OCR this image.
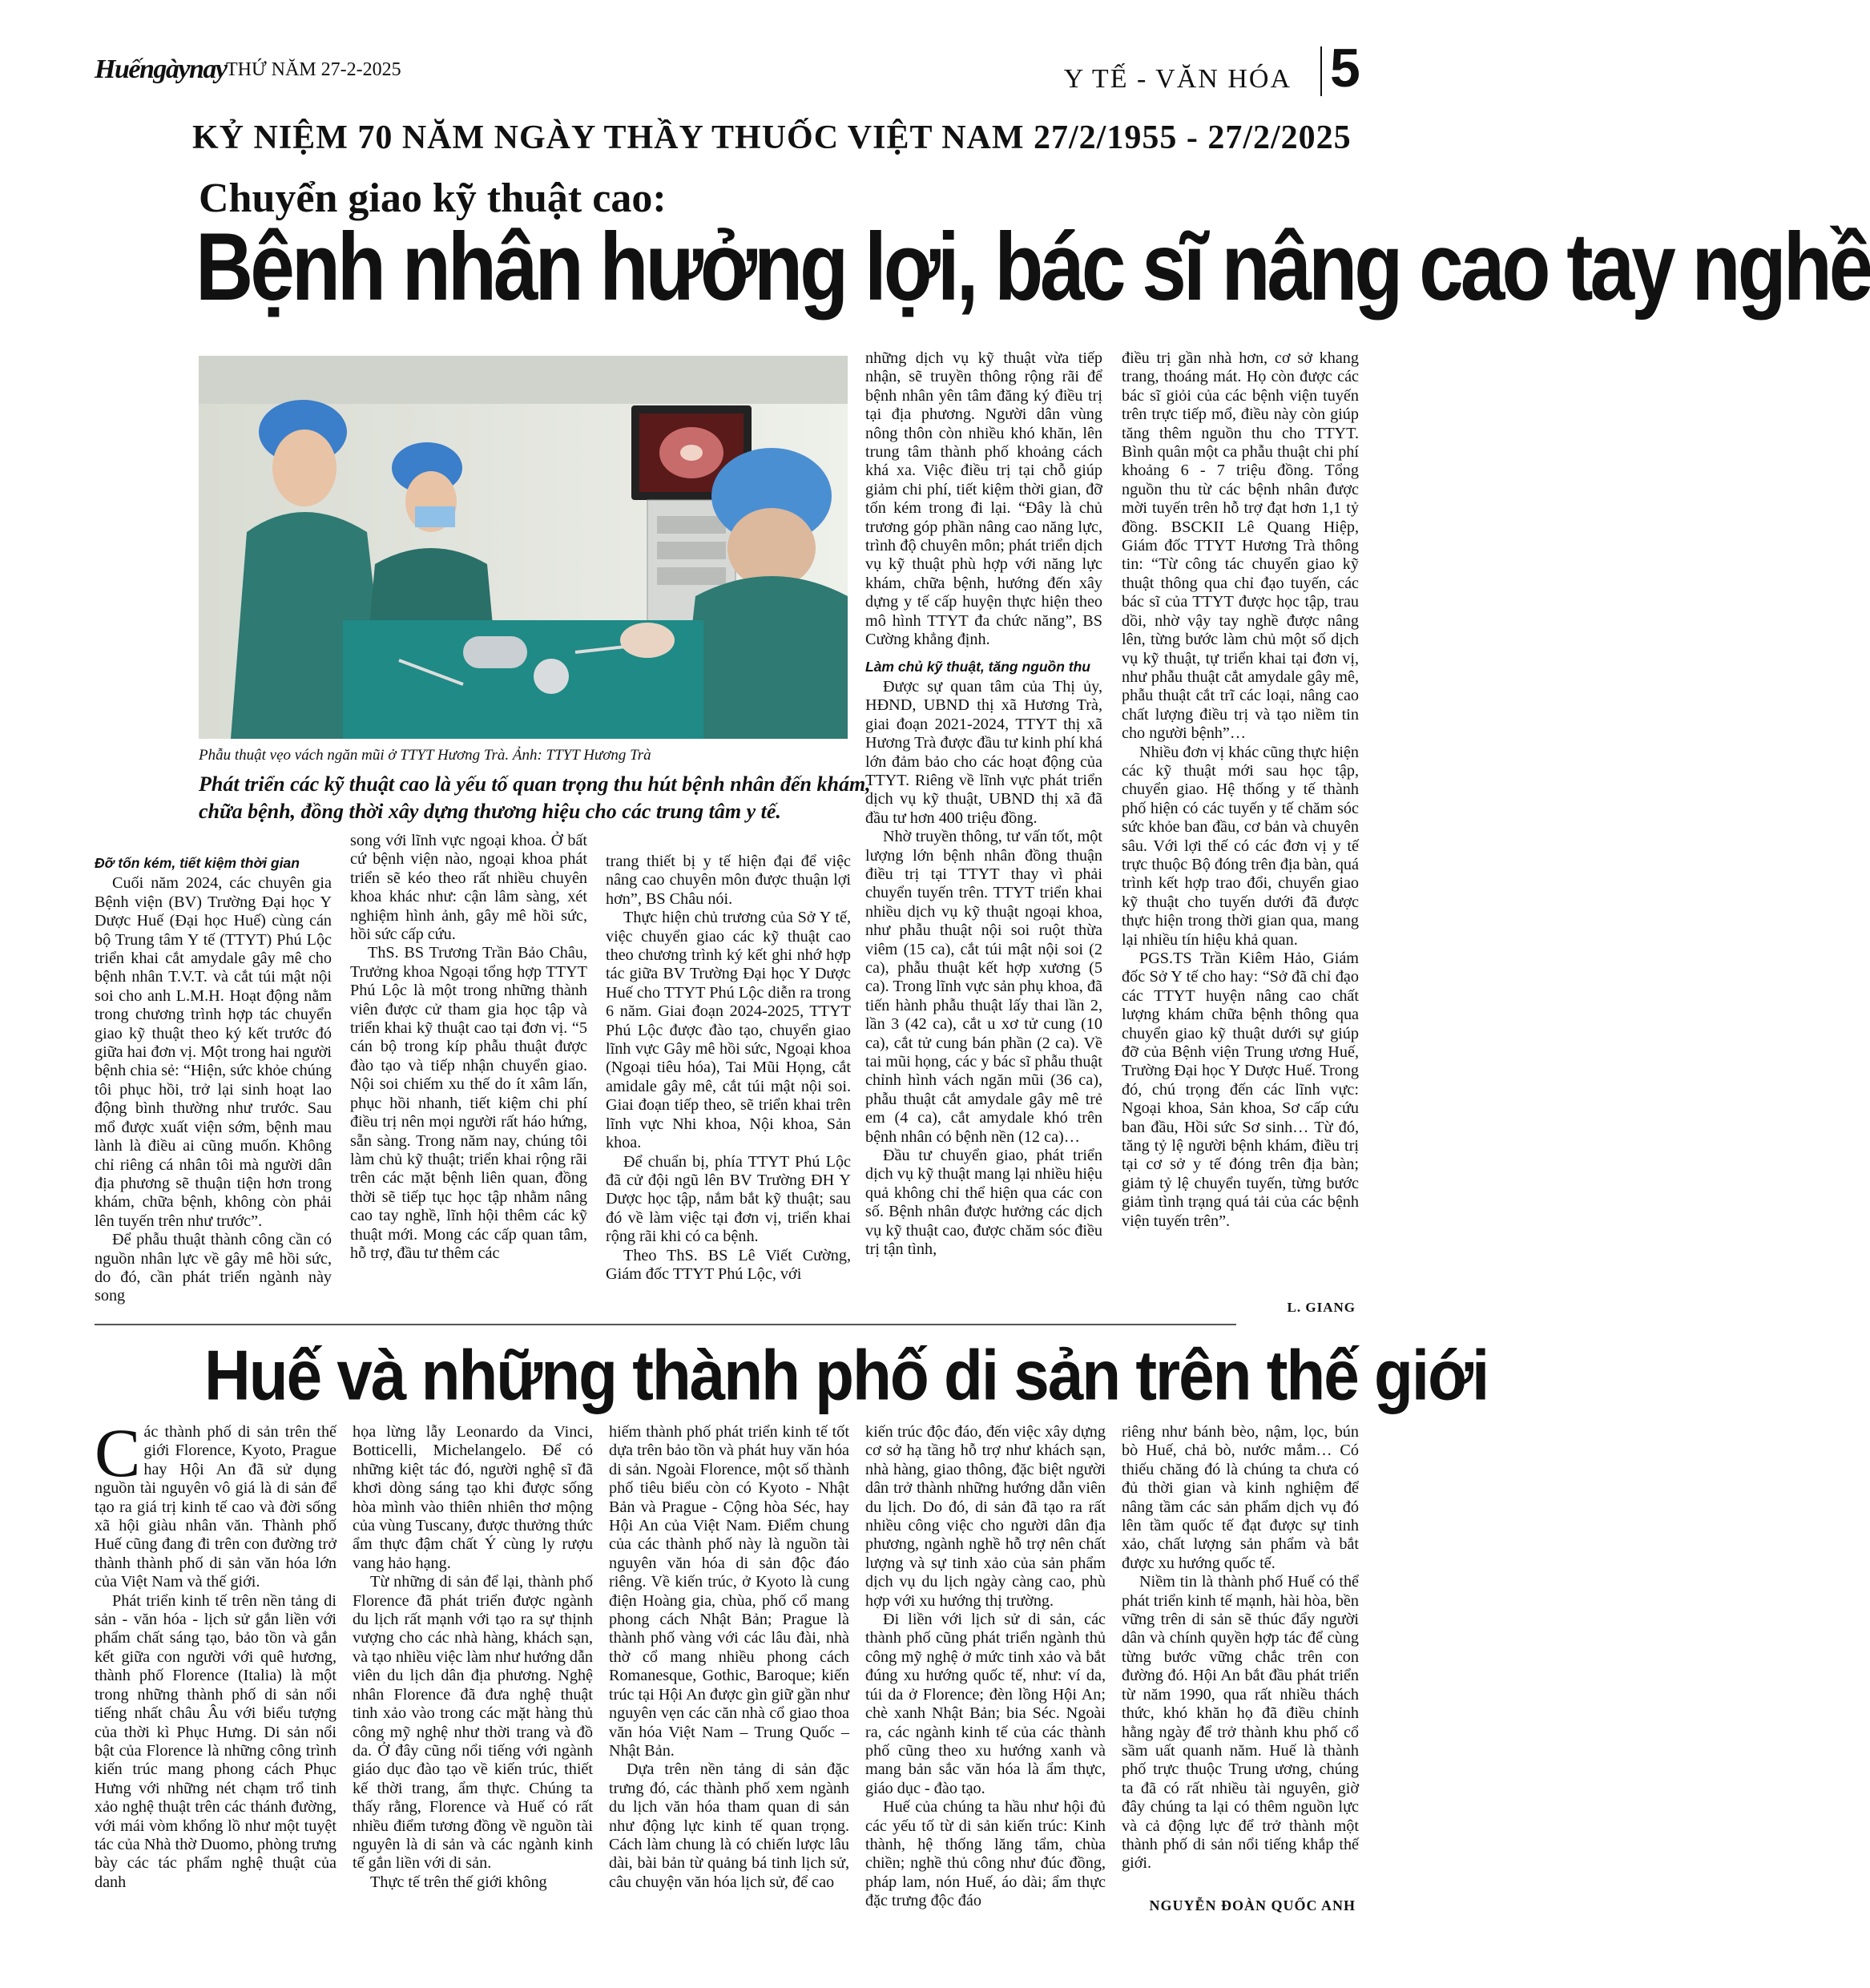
Huếngàynay THỨ NĂM 27-2-2025	Y TẾ - VĂN HÓA 5
KỶ NIỆM 70 NĂM NGÀY THẦY THUỐC VIỆT NAM 27/2/1955 - 27/2/2025
Chuyển giao kỹ thuật cao:
Bệnh nhân hưởng lợi, bác sĩ nâng cao tay nghề
Phẫu thuật vẹo vách ngăn mũi ở TTYT Hương Trà. Ảnh: TTYT Hương Trà
Phát triển các kỹ thuật cao là yếu tố quan trọng thu hút bệnh nhân đến khám, chữa bệnh, đồng thời xây dựng thương hiệu cho các trung tâm y tế.

Đỡ tốn kém, tiết kiệm thời gian

Cuối năm 2024, các chuyên gia Bệnh viện (BV) Trường Đại học Y Dược Huế (Đại học Huế) cùng cán bộ Trung tâm Y tế (TTYT) Phú Lộc triển khai cắt amydale gây mê cho bệnh nhân T.V.T. và cắt túi mật nội soi cho anh L.M.H. Hoạt động nằm trong chương trình hợp tác chuyển giao kỹ thuật theo ký kết trước đó giữa hai đơn vị. Một trong hai người bệnh chia sẻ: “Hiện, sức khỏe chúng tôi phục hồi, trở lại sinh hoạt lao động bình thường như trước. Sau mổ được xuất viện sớm, bệnh mau lành là điều ai cũng muốn. Không chỉ riêng cá nhân tôi mà người dân địa phương sẽ thuận tiện hơn trong khám, chữa bệnh, không còn phải lên tuyến trên như trước”.

Để phẫu thuật thành công cần có nguồn nhân lực về gây mê hồi sức, do đó, cần phát triển ngành này song

song với lĩnh vực ngoại khoa. Ở bất cứ bệnh viện nào, ngoại khoa phát triển sẽ kéo theo rất nhiều chuyên khoa khác như: cận lâm sàng, xét nghiệm hình ảnh, gây mê hồi sức, hồi sức cấp cứu.

ThS. BS Trương Trần Bảo Châu, Trưởng khoa Ngoại tổng hợp TTYT Phú Lộc là một trong những thành viên được cử tham gia học tập và triển khai kỹ thuật cao tại đơn vị. “5 cán bộ trong kíp phẫu thuật được đào tạo và tiếp nhận chuyển giao. Nội soi chiếm xu thế do ít xâm lấn, phục hồi nhanh, tiết kiệm chi phí điều trị nên mọi người rất háo hứng, sẵn sàng. Trong năm nay, chúng tôi làm chủ kỹ thuật; triển khai rộng rãi trên các mặt bệnh liên quan, đồng thời sẽ tiếp tục học tập nhằm nâng cao tay nghề, lĩnh hội thêm các kỹ thuật mới. Mong các cấp quan tâm, hỗ trợ, đầu tư thêm các

trang thiết bị y tế hiện đại để việc nâng cao chuyên môn được thuận lợi hơn”, BS Châu nói.

Thực hiện chủ trương của Sở Y tế, việc chuyển giao các kỹ thuật cao theo chương trình ký kết ghi nhớ hợp tác giữa BV Trường Đại học Y Dược Huế cho TTYT Phú Lộc diễn ra trong 6 năm. Giai đoạn 2024-2025, TTYT Phú Lộc được đào tạo, chuyển giao lĩnh vực Gây mê hồi sức, Ngoại khoa (Ngoại tiêu hóa), Tai Mũi Họng, cắt amidale gây mê, cắt túi mật nội soi. Giai đoạn tiếp theo, sẽ triển khai trên lĩnh vực Nhi khoa, Nội khoa, Sản khoa.

Để chuẩn bị, phía TTYT Phú Lộc đã cử đội ngũ lên BV Trường ĐH Y Dược học tập, nắm bắt kỹ thuật; sau đó về làm việc tại đơn vị, triển khai rộng rãi khi có ca bệnh.

Theo ThS. BS Lê Viết Cường, Giám đốc TTYT Phú Lộc, với

những dịch vụ kỹ thuật vừa tiếp nhận, sẽ truyền thông rộng rãi để bệnh nhân yên tâm đăng ký điều trị tại địa phương. Người dân vùng nông thôn còn nhiều khó khăn, lên trung tâm thành phố khoảng cách khá xa. Việc điều trị tại chỗ giúp giảm chi phí, tiết kiệm thời gian, đỡ tốn kém trong đi lại. “Đây là chủ trương góp phần nâng cao năng lực, trình độ chuyên môn; phát triển dịch vụ kỹ thuật phù hợp với năng lực khám, chữa bệnh, hướng đến xây dựng y tế cấp huyện thực hiện theo mô hình TTYT đa chức năng”, BS Cường khẳng định.

Làm chủ kỹ thuật, tăng nguồn thu

Được sự quan tâm của Thị ủy, HĐND, UBND thị xã Hương Trà, giai đoạn 2021-2024, TTYT thị xã Hương Trà được đầu tư kinh phí khá lớn đảm bảo cho các hoạt động của TTYT. Riêng về lĩnh vực phát triển dịch vụ kỹ thuật, UBND thị xã đã đầu tư hơn 400 triệu đồng.

Nhờ truyền thông, tư vấn tốt, một lượng lớn bệnh nhân đồng thuận điều trị tại TTYT thay vì phải chuyển tuyến trên. TTYT triển khai nhiều dịch vụ kỹ thuật ngoại khoa, như phẫu thuật nội soi ruột thừa viêm (15 ca), cắt túi mật nội soi (2 ca), phẫu thuật kết hợp xương (5 ca). Trong lĩnh vực sản phụ khoa, đã tiến hành phẫu thuật lấy thai lần 2, lần 3 (42 ca), cắt u xơ tử cung (10 ca), cắt tử cung bán phần (2 ca). Về tai mũi họng, các y bác sĩ phẫu thuật chỉnh hình vách ngăn mũi (36 ca), phẫu thuật cắt amydale gây mê trẻ em (4 ca), cắt amydale khó trên bệnh nhân có bệnh nền (12 ca)…

Đầu tư chuyển giao, phát triển dịch vụ kỹ thuật mang lại nhiều hiệu quả không chỉ thể hiện qua các con số. Bệnh nhân được hưởng các dịch vụ kỹ thuật cao, được chăm sóc điều trị tận tình,

điều trị gần nhà hơn, cơ sở khang trang, thoáng mát. Họ còn được các bác sĩ giỏi của các bệnh viện tuyến trên trực tiếp mổ, điều này còn giúp tăng thêm nguồn thu cho TTYT. Bình quân một ca phẫu thuật chi phí khoảng 6 - 7 triệu đồng. Tổng nguồn thu từ các bệnh nhân được mời tuyến trên hỗ trợ đạt hơn 1,1 tỷ đồng. BSCKII Lê Quang Hiệp, Giám đốc TTYT Hương Trà thông tin: “Từ công tác chuyển giao kỹ thuật thông qua chỉ đạo tuyến, các bác sĩ của TTYT được học tập, trau dồi, nhờ vậy tay nghề được nâng lên, từng bước làm chủ một số dịch vụ kỹ thuật, tự triển khai tại đơn vị, như phẫu thuật cắt amydale gây mê, phẫu thuật cắt trĩ các loại, nâng cao chất lượng điều trị và tạo niềm tin cho người bệnh”…

Nhiều đơn vị khác cũng thực hiện các kỹ thuật mới sau học tập, chuyển giao. Hệ thống y tế thành phố hiện có các tuyến y tế chăm sóc sức khỏe ban đầu, cơ bản và chuyên sâu. Với lợi thế có các đơn vị y tế trực thuộc Bộ đóng trên địa bàn, quá trình kết hợp trao đổi, chuyển giao kỹ thuật cho tuyến dưới đã được thực hiện trong thời gian qua, mang lại nhiều tín hiệu khả quan.

PGS.TS Trần Kiêm Hảo, Giám đốc Sở Y tế cho hay: “Sở đã chỉ đạo các TTYT huyện nâng cao chất lượng khám chữa bệnh thông qua chuyển giao kỹ thuật dưới sự giúp đỡ của Bệnh viện Trung ương Huế, Trường Đại học Y Dược Huế. Trong đó, chú trọng đến các lĩnh vực: Ngoại khoa, Sản khoa, Sơ cấp cứu ban đầu, Hồi sức Sơ sinh… Từ đó, tăng tỷ lệ người bệnh khám, điều trị tại cơ sở y tế đóng trên địa bàn; giảm tỷ lệ chuyển tuyến, từng bước giảm tình trạng quá tải của các bệnh viện tuyến trên”.

L. GIANG
Huế và những thành phố di sản trên thế giới

Các thành phố di sản trên thế giới Florence, Kyoto, Prague hay Hội An đã sử dụng nguồn tài nguyên vô giá là di sản để tạo ra giá trị kinh tế cao và đời sống xã hội giàu nhân văn. Thành phố Huế cũng đang đi trên con đường trở thành thành phố di sản văn hóa lớn của Việt Nam và thế giới.

Phát triển kinh tế trên nền tảng di sản - văn hóa - lịch sử gắn liền với phẩm chất sáng tạo, bảo tồn và gắn kết giữa con người với quê hương, thành phố Florence (Italia) là một trong những thành phố di sản nổi tiếng nhất châu Âu với biểu tượng của thời kì Phục Hưng. Di sản nổi bật của Florence là những công trình kiến trúc mang phong cách Phục Hưng với những nét chạm trổ tinh xảo nghệ thuật trên các thánh đường, với mái vòm khổng lồ như một tuyệt tác của Nhà thờ Duomo, phòng trưng bày các tác phẩm nghệ thuật của danh

họa lừng lẫy Leonardo da Vinci, Botticelli, Michelangelo. Để có những kiệt tác đó, người nghệ sĩ đã khơi dòng sáng tạo khi được sống hòa mình vào thiên nhiên thơ mộng của vùng Tuscany, được thưởng thức ẩm thực đậm chất Ý cùng ly rượu vang hảo hạng.

Từ những di sản để lại, thành phố Florence đã phát triển được ngành du lịch rất mạnh với tạo ra sự thịnh vượng cho các nhà hàng, khách sạn, và tạo nhiều việc làm như hướng dẫn viên du lịch dân địa phương. Nghệ nhân Florence đã đưa nghệ thuật tinh xảo vào trong các mặt hàng thủ công mỹ nghệ như thời trang và đồ da. Ở đây cũng nổi tiếng với ngành giáo dục đào tạo về kiến trúc, thiết kế thời trang, ẩm thực. Chúng ta thấy rằng, Florence và Huế có rất nhiều điểm tương đồng về nguồn tài nguyên là di sản và các ngành kinh tế gắn liền với di sản.

Thực tế trên thế giới không

hiếm thành phố phát triển kinh tế tốt dựa trên bảo tồn và phát huy văn hóa di sản. Ngoài Florence, một số thành phố tiêu biểu còn có Kyoto - Nhật Bản và Prague - Cộng hòa Séc, hay Hội An của Việt Nam. Điểm chung của các thành phố này là nguồn tài nguyên văn hóa di sản độc đáo riêng. Về kiến trúc, ở Kyoto là cung điện Hoàng gia, chùa, phố cổ mang phong cách Nhật Bản; Prague là thành phố vàng với các lâu đài, nhà thờ cổ mang nhiều phong cách Romanesque, Gothic, Baroque; kiến trúc tại Hội An được gìn giữ gần như nguyên vẹn các căn nhà cổ giao thoa văn hóa Việt Nam – Trung Quốc – Nhật Bản.

Dựa trên nền tảng di sản đặc trưng đó, các thành phố xem ngành du lịch văn hóa tham quan di sản như động lực kinh tế quan trọng. Cách làm chung là có chiến lược lâu dài, bài bản từ quảng bá tinh lịch sử, câu chuyện văn hóa lịch sử, để cao

kiến trúc độc đáo, đến việc xây dựng cơ sở hạ tầng hỗ trợ như khách sạn, nhà hàng, giao thông, đặc biệt người dân trở thành những hướng dẫn viên du lịch. Do đó, di sản đã tạo ra rất nhiều công việc cho người dân địa phương, ngành nghề hỗ trợ nên chất lượng và sự tinh xảo của sản phẩm dịch vụ du lịch ngày càng cao, phù hợp với xu hướng thị trường.

Đi liền với lịch sử di sản, các thành phố cũng phát triển ngành thủ công mỹ nghệ ở mức tinh xảo và bắt đúng xu hướng quốc tế, như: ví da, túi da ở Florence; đèn lồng Hội An; chè xanh Nhật Bản; bia Séc. Ngoài ra, các ngành kinh tế của các thành phố cũng theo xu hướng xanh và mang bản sắc văn hóa là ẩm thực, giáo dục - đào tạo.

Huế của chúng ta hầu như hội đủ các yếu tố từ di sản kiến trúc: Kinh thành, hệ thống lăng tẩm, chùa chiền; nghề thủ công như đúc đồng, pháp lam, nón Huế, áo dài; ẩm thực đặc trưng độc đáo

riêng như bánh bèo, nậm, lọc, bún bò Huế, chả bò, nước mắm… Có thiếu chăng đó là chúng ta chưa có đủ thời gian và kinh nghiệm để nâng tầm các sản phẩm dịch vụ đó lên tầm quốc tế đạt được sự tinh xảo, chất lượng sản phẩm và bắt được xu hướng quốc tế.

Niềm tin là thành phố Huế có thể phát triển kinh tế mạnh, hài hòa, bền vững trên di sản sẽ thúc đẩy người dân và chính quyền hợp tác để cùng từng bước vững chắc trên con đường đó. Hội An bắt đầu phát triển từ năm 1990, qua rất nhiều thách thức, khó khăn họ đã điều chỉnh hằng ngày để trở thành khu phố cổ sầm uất quanh năm. Huế là thành phố trực thuộc Trung ương, chúng ta đã có rất nhiều tài nguyên, giờ đây chúng ta lại có thêm nguồn lực và cả động lực để trở thành một thành phố di sản nổi tiếng khắp thế giới.

NGUYỄN ĐOÀN QUỐC ANH
